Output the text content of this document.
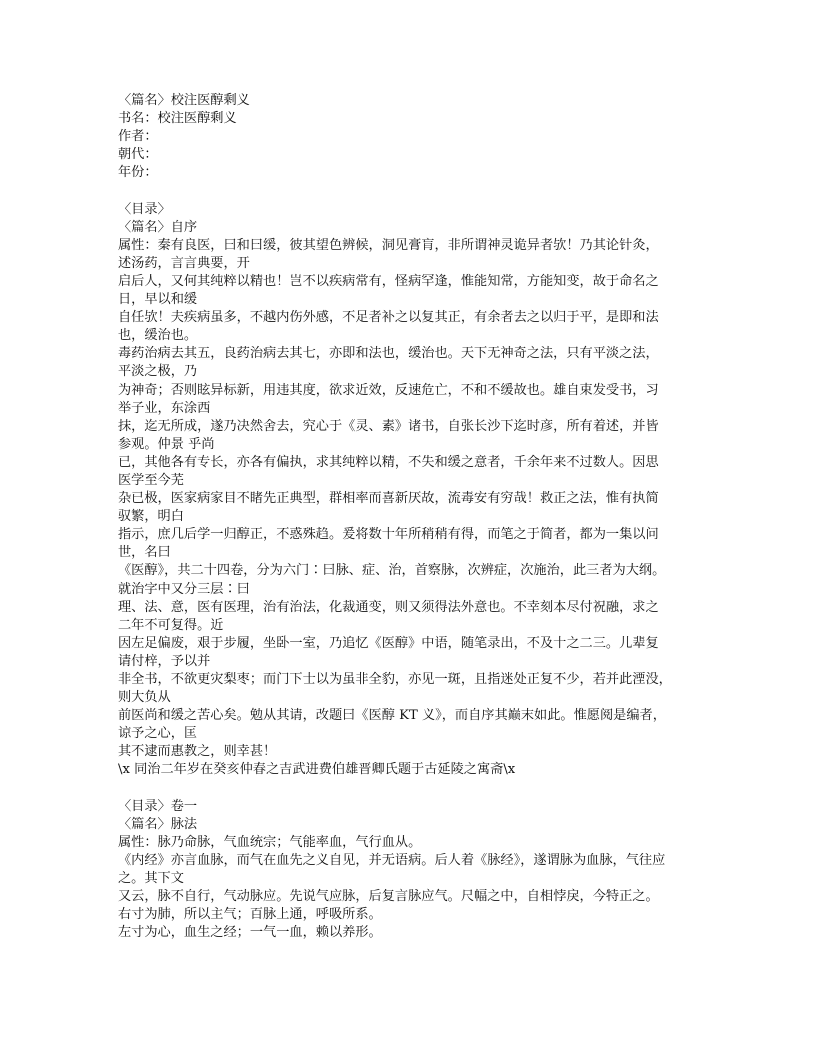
〈篇名〉校注医醇剩义
书名：校注医醇剩义
作者：
朝代：
年份：
〈目录〉
〈篇名〉自序
属性：秦有良医，曰和曰缓，彼其望色辨候，洞见膏肓，非所谓神灵诡异者欤！乃其论针灸，
述汤药，言言典要，开
启后人，又何其纯粹以精也！岂不以疾病常有，怪病罕逢，惟能知常，方能知变，故于命名之
日，早以和缓
自任欤！夫疾病虽多，不越内伤外感，不足者补之以复其正，有余者去之以归于平，是即和法
也，缓治也。
毒药治病去其五，良药治病去其七，亦即和法也，缓治也。天下无神奇之法，只有平淡之法，
平淡之极，乃
为神奇；否则眩异标新，用违其度，欲求近效，反速危亡，不和不缓故也。雄自束发受书，习
举子业，东涂西
抹，迄无所成，遂乃决然舍去，究心于《灵、素》诸书，自张长沙下迄时彦，所有着述，并皆
参观。仲景 乎尚
已，其他各有专长，亦各有偏执，求其纯粹以精，不失和缓之意者，千余年来不过数人。因思
医学至今芜
杂已极，医家病家目不睹先正典型，群相率而喜新厌故，流毒安有穷哉！救正之法，惟有执简
驭繁，明白
指示，庶几后学一归醇正，不惑殊趋。爰将数十年所稍稍有得，而笔之于简者，都为一集以问
世，名曰
《医醇》，共二十四卷，分为六门∶曰脉、症、治，首察脉，次辨症，次施治，此三者为大纲。
就治字中又分三层∶曰
理、法、意，医有医理，治有治法，化裁通变，则又须得法外意也。不幸刻本尽付祝融，求之
二年不可复得。近
因左足偏废，艰于步履，坐卧一室，乃追忆《医醇》中语，随笔录出，不及十之二三。儿辈复
请付梓，予以并
非全书，不欲更灾梨枣；而门下士以为虽非全豹，亦见一斑，且指迷处正复不少，若并此湮没，
则大负从
前医尚和缓之苦心矣。勉从其请，改题曰《医醇 KT 义》，而自序其巅末如此。惟愿阅是编者，
谅予之心，匡
其不逮而惠教之，则幸甚！
\x 同治二年岁在癸亥仲春之吉武进费伯雄晋卿氏题于古延陵之寓斋\x
〈目录〉卷一
〈篇名〉脉法
属性：脉乃命脉，气血统宗；气能率血，气行血从。
《内经》亦言血脉，而气在血先之义自见，并无语病。后人着《脉经》，遂谓脉为血脉，气往应
之。其下文
又云，脉不自行，气动脉应。先说气应脉，后复言脉应气。尺幅之中，自相悖戾，今特正之。
右寸为肺，所以主气；百脉上通，呼吸所系。
左寸为心，血生之经；一气一血，赖以养形。
